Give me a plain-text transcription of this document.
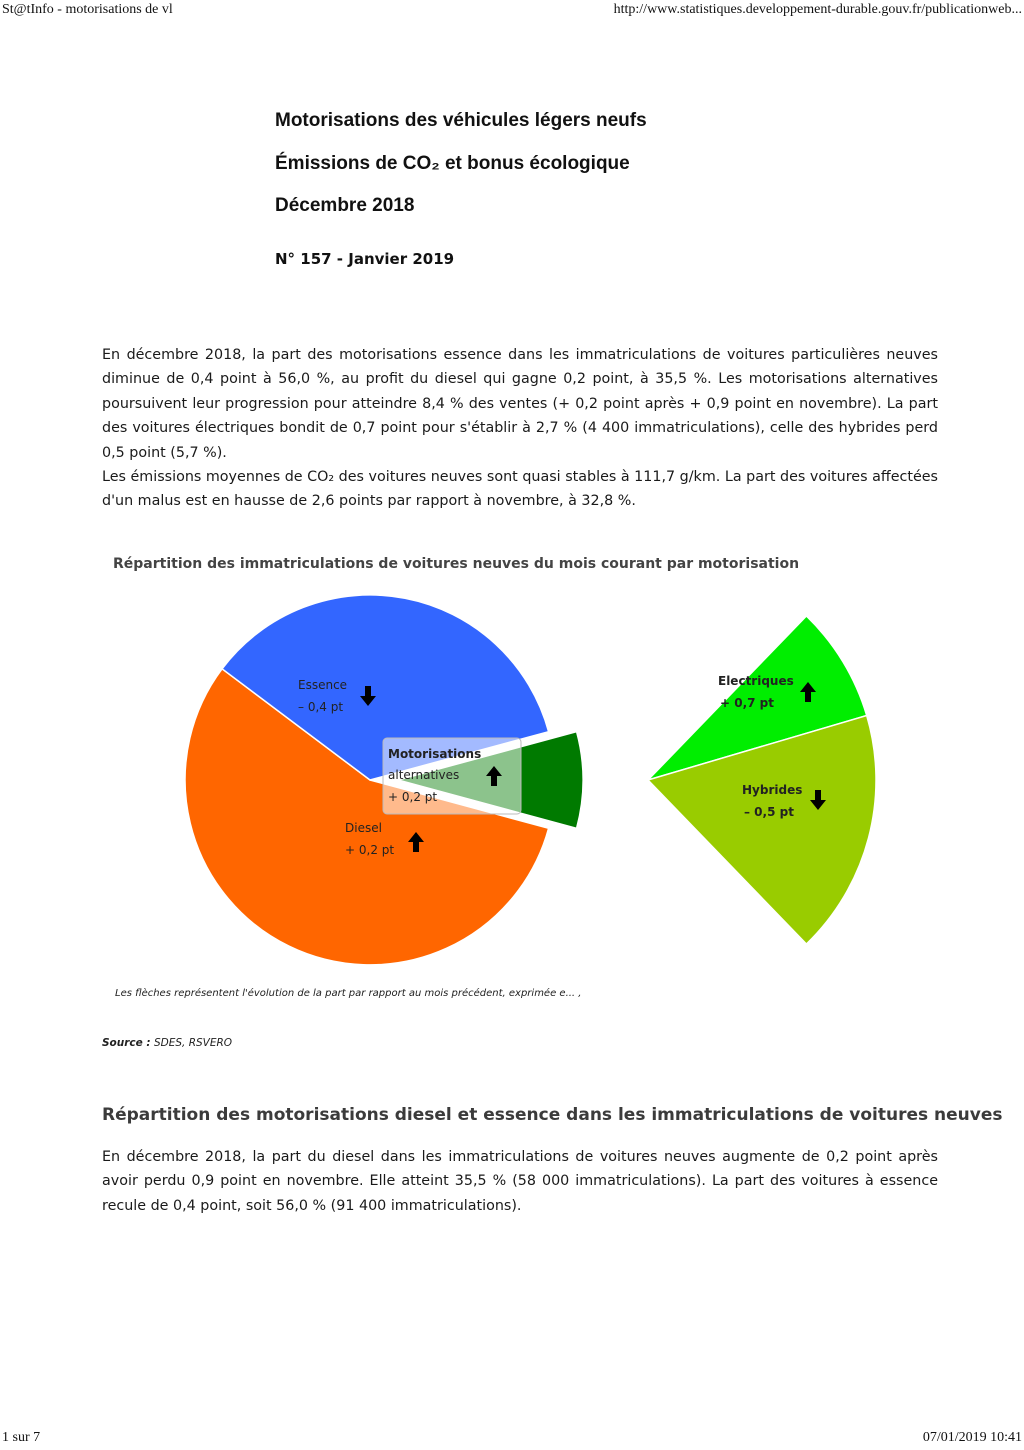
St@tInfo - motorisations de vl	http://www.statistiques.developpement-durable.gouv.fr/publicationweb...
Motorisations des véhicules légers neufs
Émissions de CO₂ et bonus écologique
Décembre 2018
N° 157 - Janvier 2019

En décembre 2018, la part des motorisations essence dans les immatriculations de voitures particulières neuves diminue de 0,4 point à 56,0 %, au profit du diesel qui gagne 0,2 point, à 35,5 %. Les motorisations alternatives poursuivent leur progression pour atteindre 8,4 % des ventes (+ 0,2 point après + 0,9 point en novembre). La part des voitures électriques bondit de 0,7 point pour s'établir à 2,7 % (4 400 immatriculations), celle des hybrides perd 0,5 point (5,7 %).

Les émissions moyennes de CO₂ des voitures neuves sont quasi stables à 111,7 g/km. La part des voitures affectées d'un malus est en hausse de 2,6 points par rapport à novembre, à 32,8 %.

Répartition des immatriculations de voitures neuves du mois courant par motorisation
Essence
– 0,4 pt
Diesel
+ 0,2 pt
Motorisations
alternatives
+ 0,2 pt
Electriques
+ 0,7 pt
Hybrides
– 0,5 pt
Les flèches représentent l'évolution de la part par rapport au mois précédent, exprimée e... ,
Source : SDES, RSVERO
Répartition des motorisations diesel et essence dans les immatriculations de voitures neuves
En décembre 2018, la part du diesel dans les immatriculations de voitures neuves augmente de 0,2 point après avoir perdu 0,9 point en novembre. Elle atteint 35,5 % (58 000 immatriculations). La part des voitures à essence recule de 0,4 point, soit 56,0 % (91 400 immatriculations).
1 sur 7	07/01/2019 10:41
